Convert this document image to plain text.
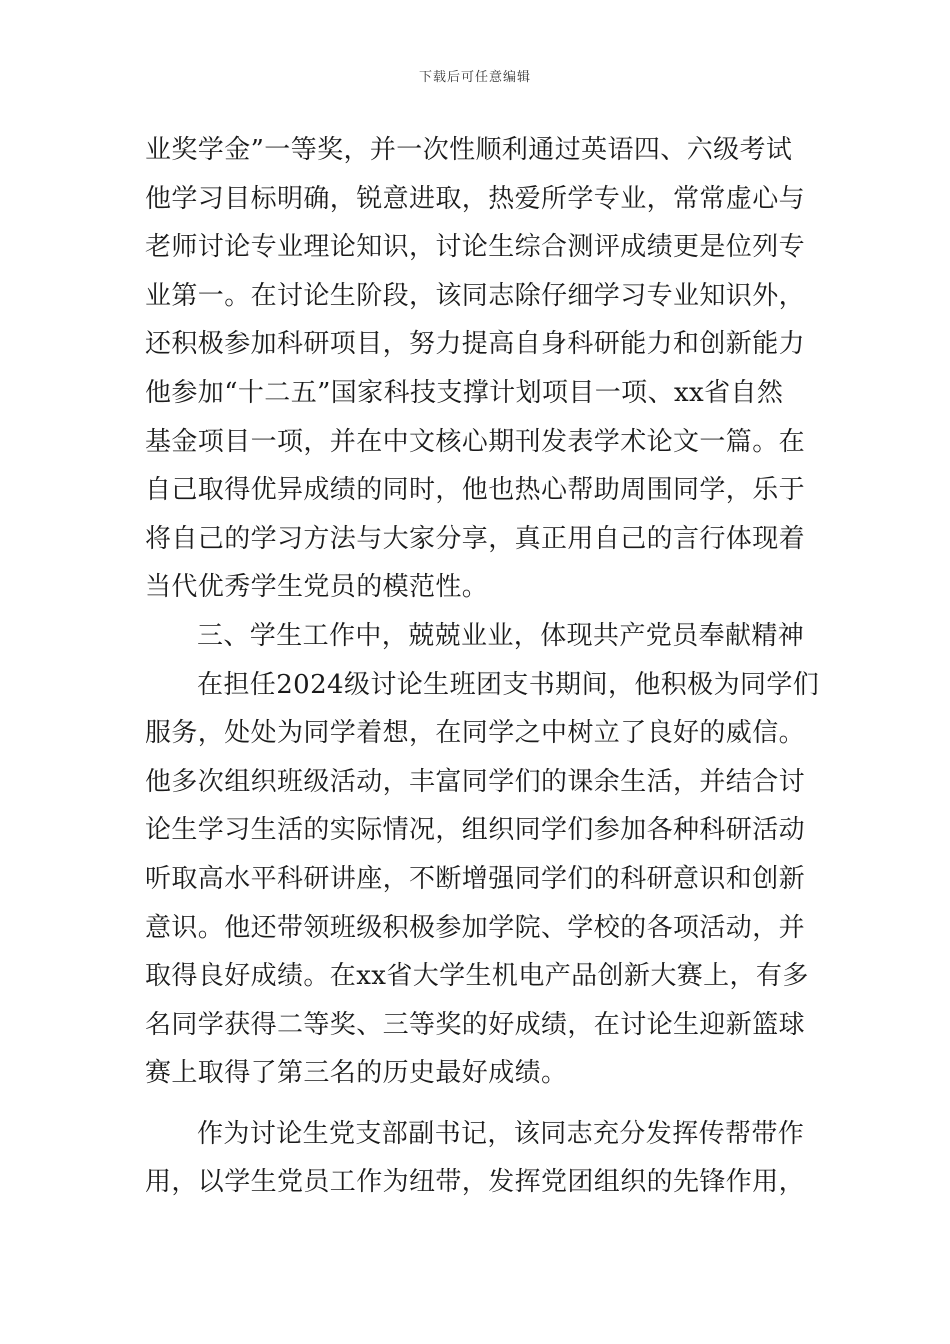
下载后可任意编辑
业奖学金”一等奖，并一次性顺利通过英语四、六级考试
他学习目标明确，锐意进取，热爱所学专业，常常虚心与
老师讨论专业理论知识，讨论生综合测评成绩更是位列专
业第一。在讨论生阶段，该同志除仔细学习专业知识外，
还积极参加科研项目，努力提高自身科研能力和创新能力
他参加“十二五”国家科技支撑计划项目一项、xx省自然
基金项目一项，并在中文核心期刊发表学术论文一篇。在
自己取得优异成绩的同时，他也热心帮助周围同学，乐于
将自己的学习方法与大家分享，真正用自己的言行体现着
当代优秀学生党员的模范性。
三、学生工作中，兢兢业业，体现共产党员奉献精神
在担任2024级讨论生班团支书期间，他积极为同学们
服务，处处为同学着想，在同学之中树立了良好的威信。
他多次组织班级活动，丰富同学们的课余生活，并结合讨
论生学习生活的实际情况，组织同学们参加各种科研活动
听取高水平科研讲座，不断增强同学们的科研意识和创新
意识。他还带领班级积极参加学院、学校的各项活动，并
取得良好成绩。在xx省大学生机电产品创新大赛上，有多
名同学获得二等奖、三等奖的好成绩，在讨论生迎新篮球
赛上取得了第三名的历史最好成绩。
作为讨论生党支部副书记，该同志充分发挥传帮带作
用，以学生党员工作为纽带，发挥党团组织的先锋作用，
